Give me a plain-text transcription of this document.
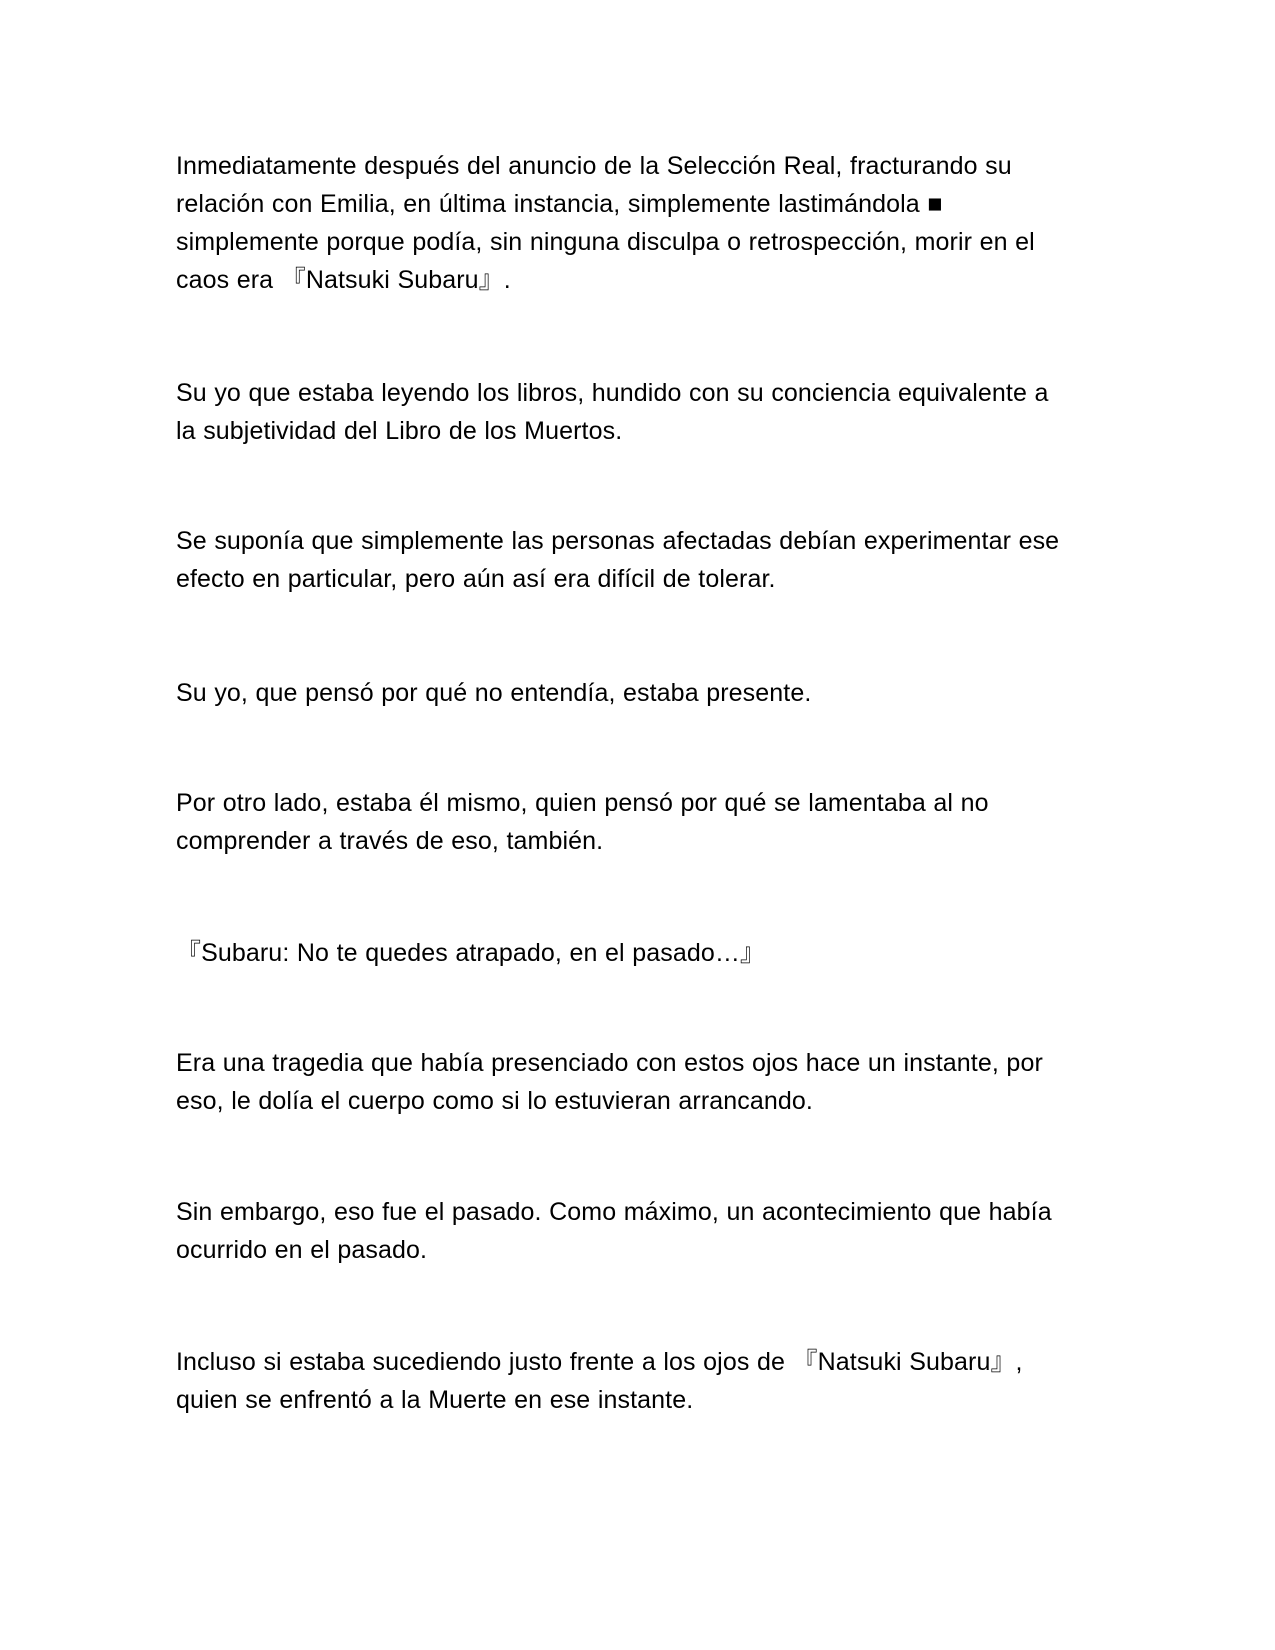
Inmediatamente después del anuncio de la Selección Real, fracturando su
relación con Emilia, en última instancia, simplemente lastimándola ■
simplemente porque podía, sin ninguna disculpa o retrospección, morir en el
caos era 『Natsuki Subaru』.

Su yo que estaba leyendo los libros, hundido con su conciencia equivalente a
la subjetividad del Libro de los Muertos.

Se suponía que simplemente las personas afectadas debían experimentar ese
efecto en particular, pero aún así era difícil de tolerar.

Su yo, que pensó por qué no entendía, estaba presente.

Por otro lado, estaba él mismo, quien pensó por qué se lamentaba al no
comprender a través de eso, también.

『Subaru: No te quedes atrapado, en el pasado…』

Era una tragedia que había presenciado con estos ojos hace un instante, por
eso, le dolía el cuerpo como si lo estuvieran arrancando.

Sin embargo, eso fue el pasado. Como máximo, un acontecimiento que había
ocurrido en el pasado.

Incluso si estaba sucediendo justo frente a los ojos de 『Natsuki Subaru』,
quien se enfrentó a la Muerte en ese instante.
